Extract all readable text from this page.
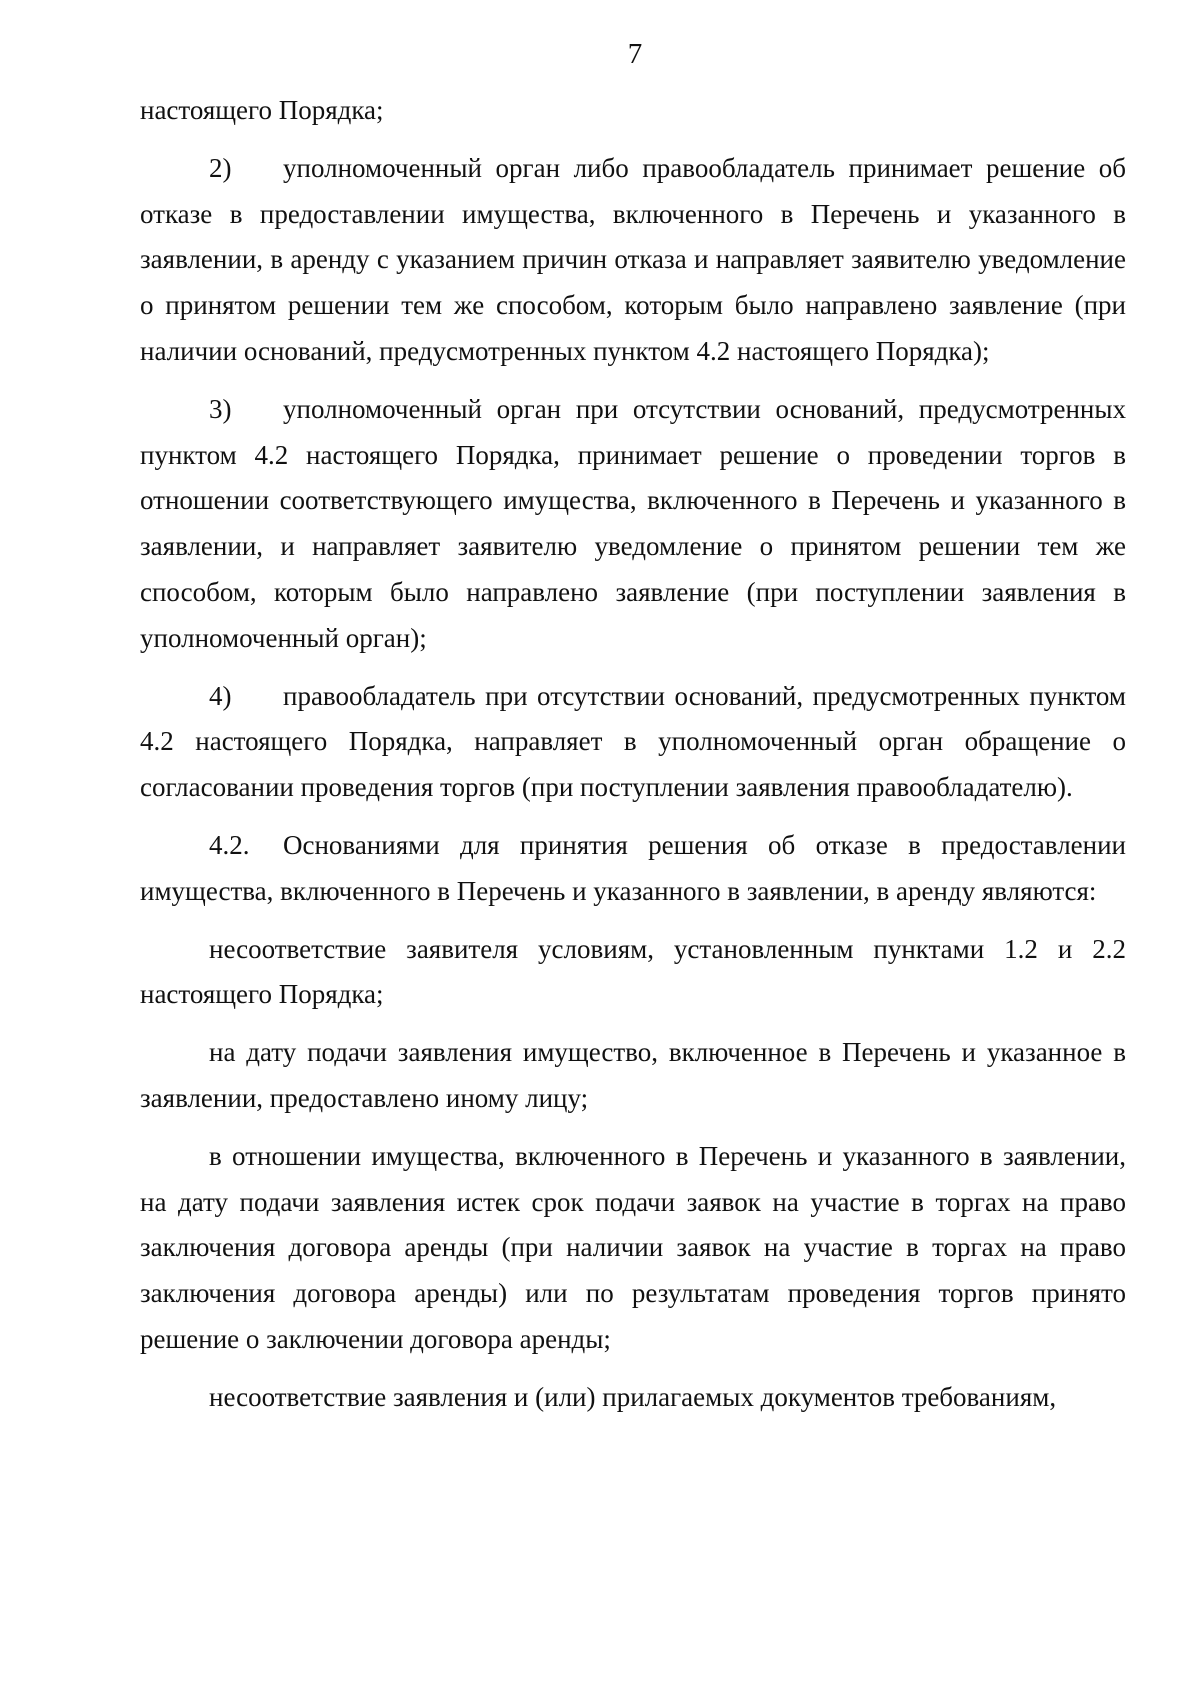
7

настоящего Порядка;

2) уполномоченный орган либо правообладатель принимает решение об отказе в предоставлении имущества, включенного в Перечень и указанного в заявлении, в аренду с указанием причин отказа и направляет заявителю уведомление о принятом решении тем же способом, которым было направлено заявление (при наличии оснований, предусмотренных пунктом 4.2 настоящего Порядка);

3) уполномоченный орган при отсутствии оснований, предусмотренных пунктом 4.2 настоящего Порядка, принимает решение о проведении торгов в отношении соответствующего имущества, включенного в Перечень и указанного в заявлении, и направляет заявителю уведомление о принятом решении тем же способом, которым было направлено заявление (при поступлении заявления в уполномоченный орган);

4) правообладатель при отсутствии оснований, предусмотренных пунктом 4.2 настоящего Порядка, направляет в уполномоченный орган обращение о согласовании проведения торгов (при поступлении заявления правообладателю).

4.2. Основаниями для принятия решения об отказе в предоставлении имущества, включенного в Перечень и указанного в заявлении, в аренду являются:

несоответствие заявителя условиям, установленным пунктами 1.2 и 2.2 настоящего Порядка;

на дату подачи заявления имущество, включенное в Перечень и указанное в заявлении, предоставлено иному лицу;

в отношении имущества, включенного в Перечень и указанного в заявлении, на дату подачи заявления истек срок подачи заявок на участие в торгах на право заключения договора аренды (при наличии заявок на участие в торгах на право заключения договора аренды) или по результатам проведения торгов принято решение о заключении договора аренды;

несоответствие заявления и (или) прилагаемых документов требованиям,
